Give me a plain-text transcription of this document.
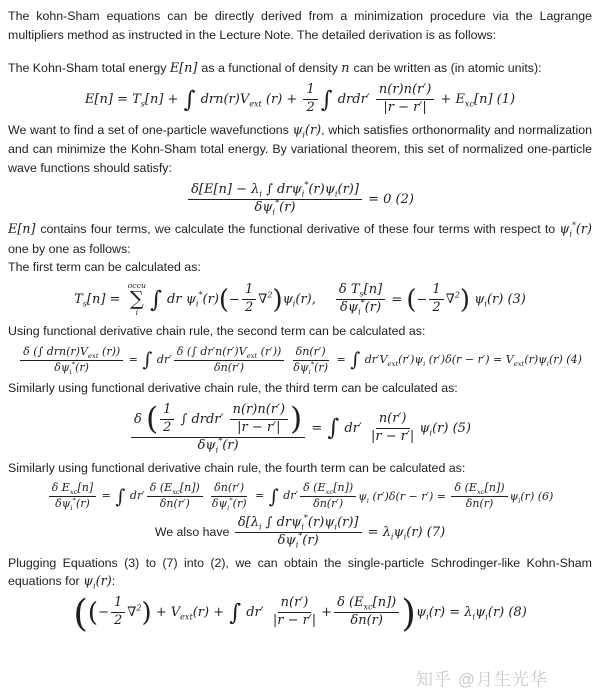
The kohn-Sham equations can be directly derived from a minimization procedure via the Lagrange multipliers method as instructed in the Lecture Note. The detailed derivation is as follows:

The Kohn-Sham total energy E[n] as a functional of density n can be written as (in atomic units):

$E[n] = T_s[n]$ + ∫ $drn(r)V_{ext}$ $(r) + \frac{1}{2}$ ∫ drdr′ $\frac{n(r)n(r')}{|r - r'|} + E_{xc}[n]$ (1)

We want to find a set of one-particle wavefunctions $\psi_i(r)$, which satisfies orthonormality and normalization and can minimize the Kohn-Sham total energy. By variational theorem, this set of normalized one-particle wave functions should satisfy:

$\frac{\delta[E[n] - \lambda_i \int dr\psi_i^*(r)\psi_i(r)]}{\delta\psi_i^*(r)} = 0$ (2)

E[n] contains four terms, we calculate the functional derivative of these four terms with respect to $\psi_i^*(r)$ one by one as follows:

The first term can be calculated as:

$T_s[n]$ =
occu
∑
i ∫ dr $\psi_i^*(r)(- \frac{1}{2} \nabla^2)\psi_i(r)$, $\frac{\delta T_s[n]}{\delta\psi_i^*(r)}$ = (− $\frac{1}{2} \nabla^2$) $\psi_i(r)$ (3)

Using functional derivative chain rule, the second term can be calculated as:

$\frac{\delta (\int drn(r)V_{ext} (r))}{\delta\psi_i^*(r)}$ = ∫ $dr' \frac{\delta (\int dr'n(r')V_{ext} (r'))}{\delta n(r')} \frac{\delta n(r')}{\delta\psi_i^*(r)}$ = ∫ $dr'V_{ext}(r')\psi_i$ $(r')\delta(r - r') = V_{ext}(r)\psi_i(r)$ (4)

Similarly using functional derivative chain rule, the third term can be calculated as:

$\frac{\delta ( \frac{1}{2} \int drdr' \frac{n(r)n(r')}{|r - r'|} )}{\delta\psi_i^*(r)}$ = ∫ $dr' \frac{n(r')}{|r - r'|} \psi_i(r)$ (5)

Similarly using functional derivative chain rule, the fourth term can be calculated as:

$\frac{\delta E_{xc}[n]}{\delta\psi_i^*(r)}$ = ∫ $dr' \frac{\delta (E_{xc}[n])}{\delta n(r')} \frac{\delta n(r')}{\delta\psi_i^*(r)}$ = ∫ $dr' \frac{\delta (E_{xc}[n])}{\delta n(r')} \psi_i$ $(r')\delta(r - r') = \frac{\delta (E_{xc}[n])}{\delta n(r)} \psi_i(r)$ (6)
We also have $\frac{\delta[\lambda_i \int dr\psi_i^*(r)\psi_i(r)]}{\delta\psi_i^*(r)} = \lambda_i\psi_i(r)$ (7)

Plugging Equations (3) to (7) into (2), we can obtain the single-particle Schrodinger-like Kohn-Sham equations for $\psi_i(r)$:

((− $\frac{1}{2} \nabla^2) + V_{ext}(r)$ + ∫ $dr' \frac{n(r')}{|r - r'|} + \frac{\delta (E_{xc}[n])}{\delta n(r)} )\psi_i(r) = \lambda_i\psi_i(r)$ (8)
知乎 @月生光华
